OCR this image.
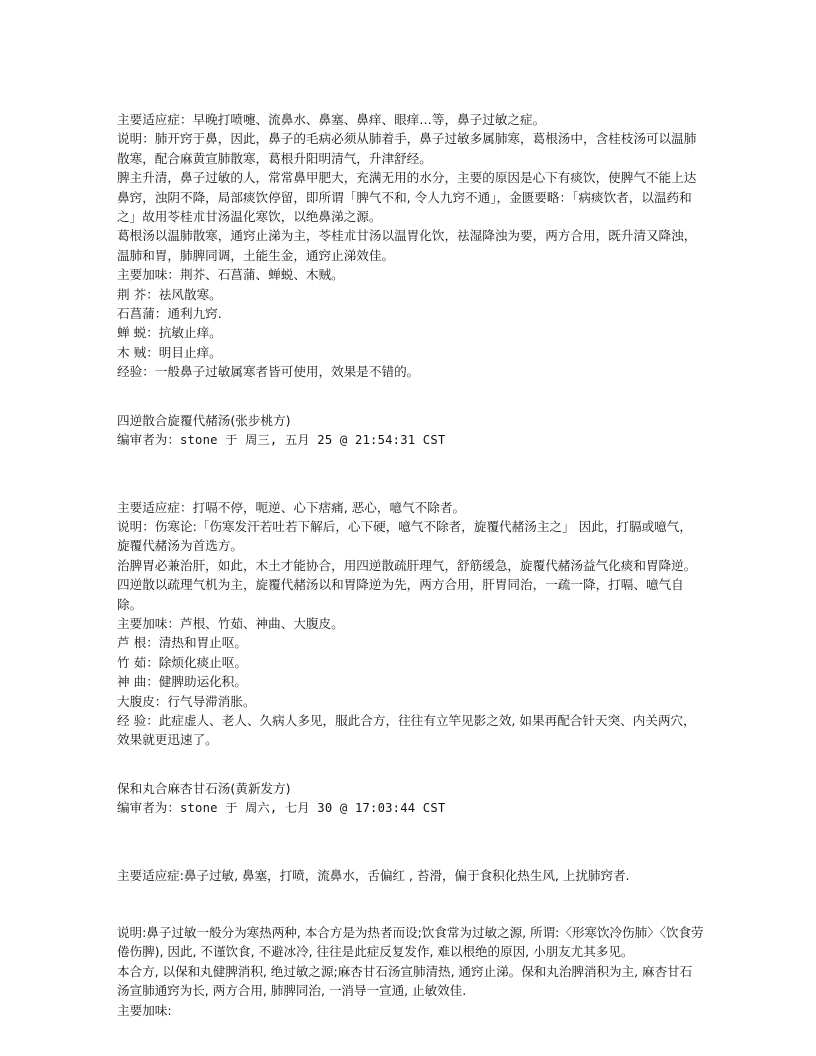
主要适应症：早晚打喷嚏、流鼻水、鼻塞、鼻痒、眼痒…等，鼻子过敏之症。

说明：肺开窍于鼻，因此，鼻子的毛病必须从肺着手，鼻子过敏多属肺寒，葛根汤中，含桂枝汤可以温肺散寒，配合麻黄宣肺散寒，葛根升阳明清气，升津舒经。

脾主升清，鼻子过敏的人，常常鼻甲肥大，充满无用的水分，主要的原因是心下有痰饮，使脾气不能上达鼻窍，浊阴不降，局部痰饮停留，即所谓「脾气不和, 令人九窍不通」，金匮要略：「病痰饮者，以温药和之」故用苓桂朮甘汤温化寒饮，以绝鼻涕之源。

葛根汤以温肺散寒，通窍止涕为主，苓桂朮甘汤以温胃化饮，祛湿降浊为要，两方合用，既升清又降浊，温肺和胃，肺脾同调，土能生金，通窍止涕效佳。

主要加味：荆芥、石菖蒲、蝉蜕、木贼。

荆 芥：祛风散寒。

石菖蒲：通利九窍.

蝉 蜕：抗敏止痒。

木 贼：明目止痒。

经验：一般鼻子过敏属寒者皆可使用，效果是不错的。

四逆散合旋覆代赭汤(张步桃方)

编审者为：stone 于 周三, 五月 25 @ 21:54:31 CST

主要适应症：打嗝不停，呃逆、心下痞痛, 恶心，噫气不除者。

说明：伤寒论:「伤寒发汗若吐若下解后，心下硬，噫气不除者，旋覆代赭汤主之」 因此，打膈或噫气，旋覆代赭汤为首选方。

治脾胃必兼治肝，如此，木土才能协合，用四逆散疏肝理气，舒筋缓急，旋覆代赭汤益气化痰和胃降逆。四逆散以疏理气机为主，旋覆代赭汤以和胃降逆为先，两方合用，肝胃同治，一疏一降，打嗝、噫气自除。

主要加味：芦根、竹茹、神曲、大腹皮。

芦 根：清热和胃止呕。

竹 茹：除烦化痰止呕。

神 曲：健脾助运化积。

大腹皮：行气导滞消胀。

经 验：此症虚人、老人、久病人多见，服此合方，往往有立竿见影之效, 如果再配合针天突、内关两穴，效果就更迅速了。

保和丸合麻杏甘石汤(黄新发方)

编审者为：stone 于 周六, 七月 30 @ 17:03:44 CST

主要适应症:鼻子过敏, 鼻塞，打喷，流鼻水，舌偏红 , 苔滑，偏于食积化热生风, 上扰肺窍者.

说明:鼻子过敏一般分为寒热两种, 本合方是为热者而设;饮食常为过敏之源, 所谓:〈形寒饮冷伤肺〉〈饮食劳倦伤脾), 因此, 不谨饮食, 不避冰冷, 往往是此症反复发作, 难以根绝的原因, 小朋友尤其多见。

本合方, 以保和丸健脾消积, 绝过敏之源;麻杏甘石汤宣肺清热, 通窍止涕。保和丸治脾消积为主, 麻杏甘石汤宣肺通窍为长, 两方合用, 肺脾同治, 一消导一宣通, 止敏效佳.

主要加味:
